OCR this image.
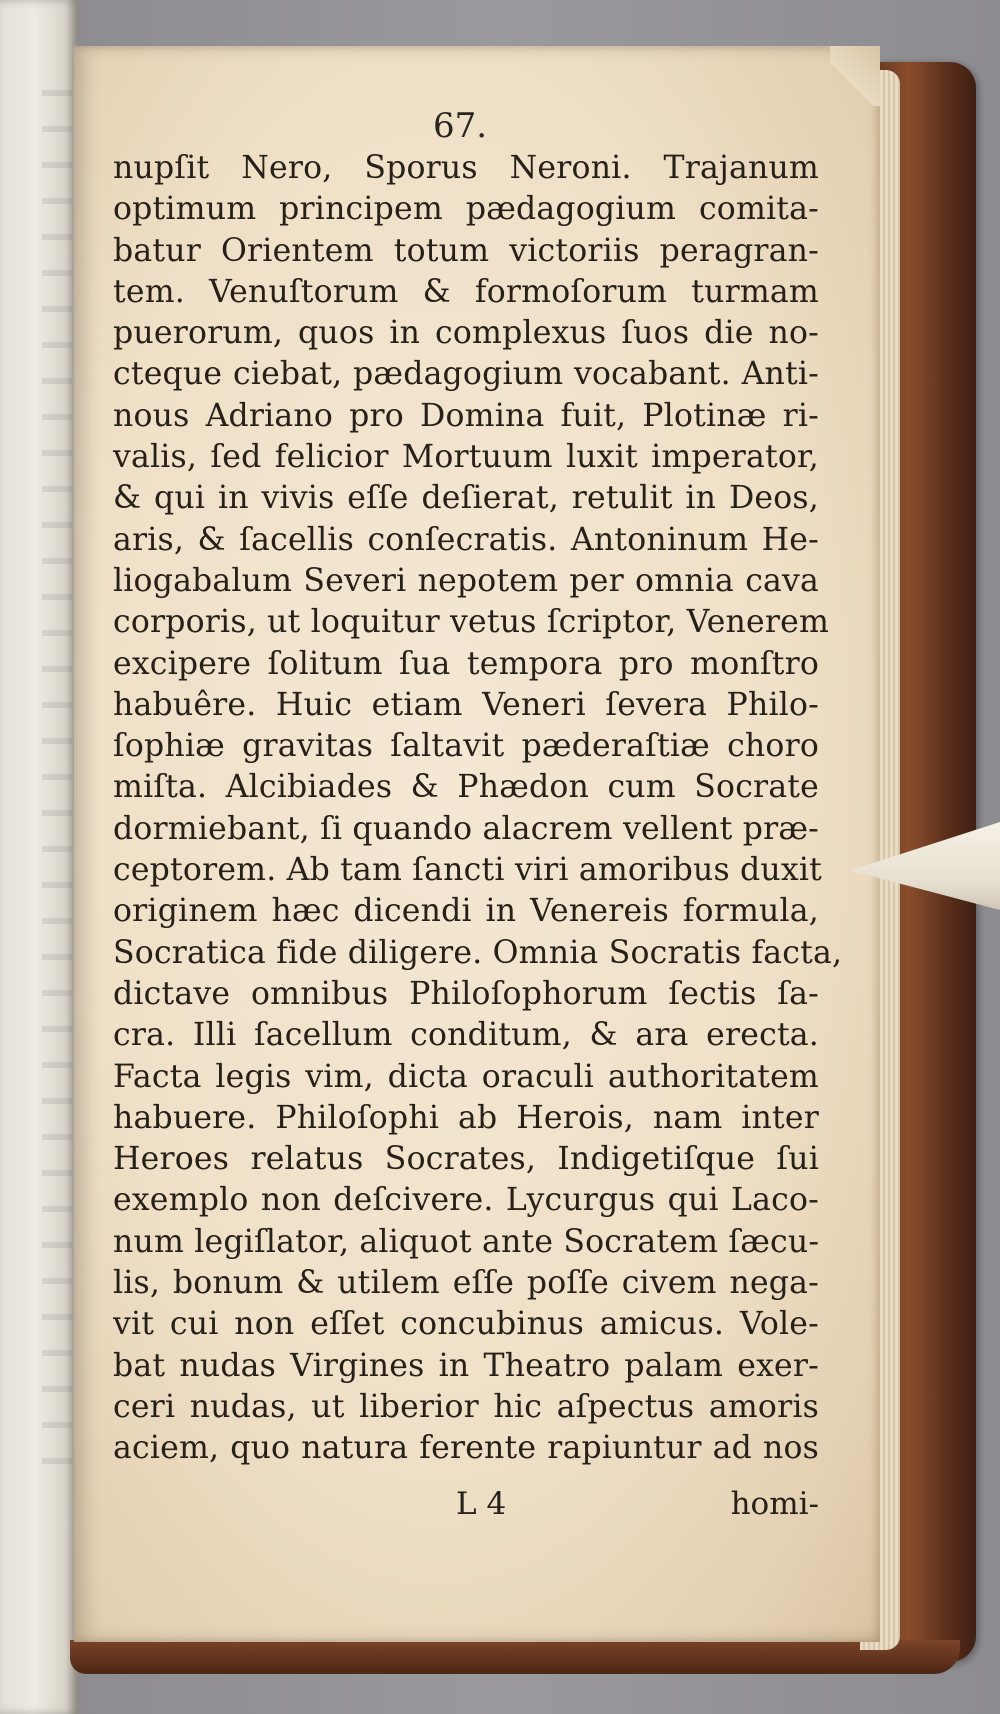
67.
nupſit Nero, Sporus Neroni. Trajanum
optimum principem pædagogium comita-
batur Orientem totum victoriis peragran-
tem. Venuſtorum & formoſorum turmam
puerorum, quos in complexus ſuos die no-
cteque ciebat, pædagogium vocabant. Anti-
nous Adriano pro Domina fuit, Plotinæ ri-
valis, ſed felicior Mortuum luxit imperator,
& qui in vivis eſſe deſierat, retulit in Deos,
aris, & ſacellis conſecratis. Antoninum He-
liogabalum Severi nepotem per omnia cava
corporis, ut loquitur vetus ſcriptor, Venerem
excipere ſolitum ſua tempora pro monſtro
habuêre. Huic etiam Veneri ſevera Philo-
ſophiæ gravitas ſaltavit pæderaſtiæ choro
miſta. Alcibiades & Phædon cum Socrate
dormiebant, ſi quando alacrem vellent præ-
ceptorem. Ab tam ſancti viri amoribus duxit
originem hæc dicendi in Venereis formula,
Socratica fide diligere. Omnia Socratis facta,
dictave omnibus Philoſophorum ſectis ſa-
cra. Illi ſacellum conditum, & ara erecta.
Facta legis vim, dicta oraculi authoritatem
habuere. Philoſophi ab Herois, nam inter
Heroes relatus Socrates, Indigetiſque ſui
exemplo non deſcivere. Lycurgus qui Laco-
num legiſlator, aliquot ante Socratem ſæcu-
lis, bonum & utilem eſſe poſſe civem nega-
vit cui non eſſet concubinus amicus. Vole-
bat nudas Virgines in Theatro palam exer-
ceri nudas, ut liberior hic aſpectus amoris
aciem, quo natura ferente rapiuntur ad nos
L 4	homi-
